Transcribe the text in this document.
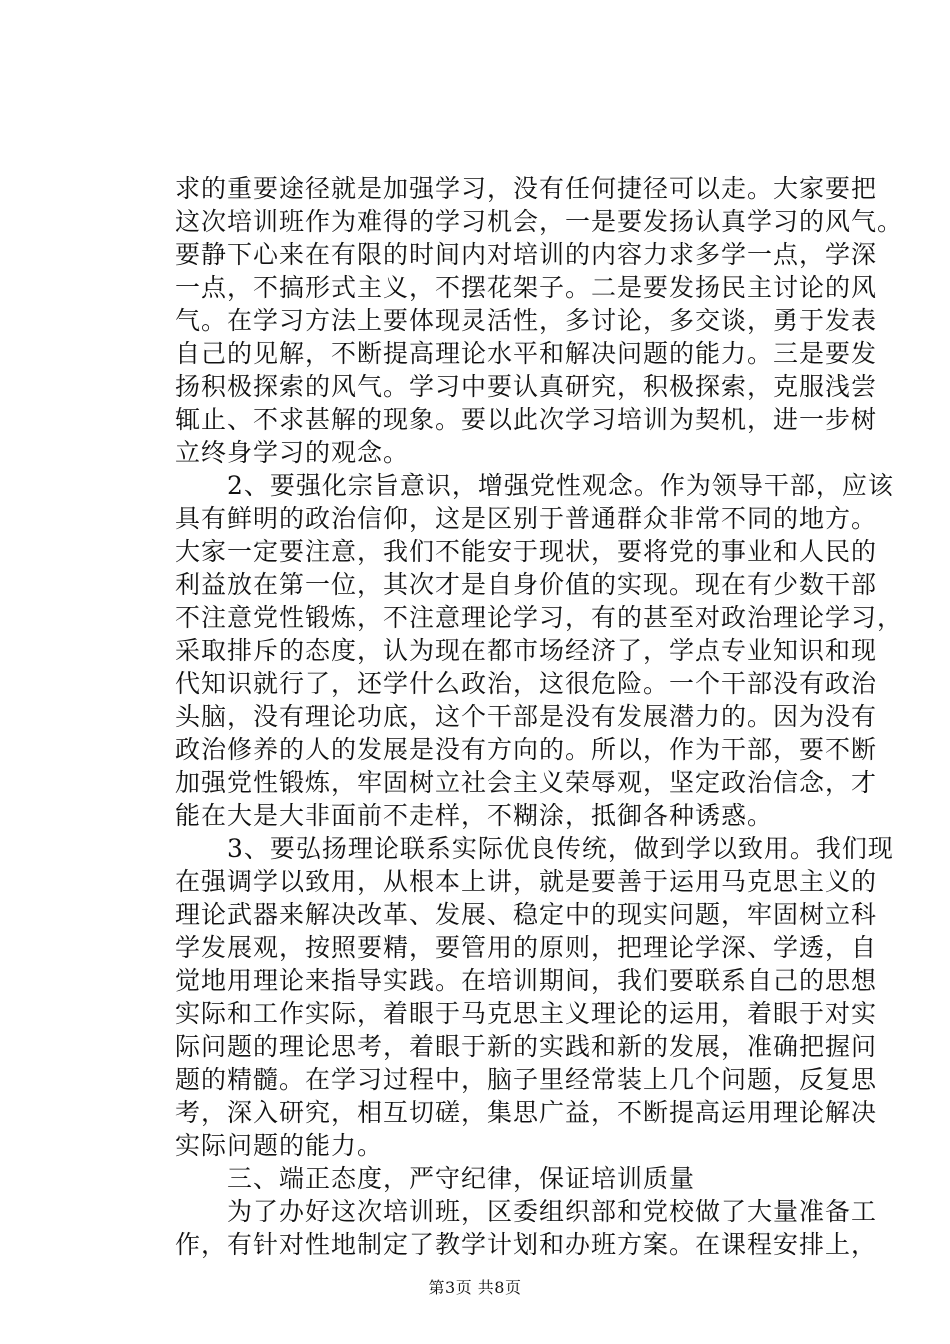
求的重要途径就是加强学习，没有任何捷径可以走。大家要把
这次培训班作为难得的学习机会，一是要发扬认真学习的风气。
要静下心来在有限的时间内对培训的内容力求多学一点，学深
一点，不搞形式主义，不摆花架子。二是要发扬民主讨论的风
气。在学习方法上要体现灵活性，多讨论，多交谈，勇于发表
自己的见解，不断提高理论水平和解决问题的能力。三是要发
扬积极探索的风气。学习中要认真研究，积极探索，克服浅尝
辄止、不求甚解的现象。要以此次学习培训为契机，进一步树
立终身学习的观念。
　　2、要强化宗旨意识，增强党性观念。作为领导干部，应该
具有鲜明的政治信仰，这是区别于普通群众非常不同的地方。
大家一定要注意，我们不能安于现状，要将党的事业和人民的
利益放在第一位，其次才是自身价值的实现。现在有少数干部
不注意党性锻炼，不注意理论学习，有的甚至对政治理论学习，
采取排斥的态度，认为现在都市场经济了，学点专业知识和现
代知识就行了，还学什么政治，这很危险。一个干部没有政治
头脑，没有理论功底，这个干部是没有发展潜力的。因为没有
政治修养的人的发展是没有方向的。所以，作为干部，要不断
加强党性锻炼，牢固树立社会主义荣辱观，坚定政治信念，才
能在大是大非面前不走样，不糊涂，抵御各种诱惑。
　　3、要弘扬理论联系实际优良传统，做到学以致用。我们现
在强调学以致用，从根本上讲，就是要善于运用马克思主义的
理论武器来解决改革、发展、稳定中的现实问题，牢固树立科
学发展观，按照要精，要管用的原则，把理论学深、学透，自
觉地用理论来指导实践。在培训期间，我们要联系自己的思想
实际和工作实际，着眼于马克思主义理论的运用，着眼于对实
际问题的理论思考，着眼于新的实践和新的发展，准确把握问
题的精髓。在学习过程中，脑子里经常装上几个问题，反复思
考，深入研究，相互切磋，集思广益，不断提高运用理论解决
实际问题的能力。
　　三、端正态度，严守纪律，保证培训质量
　　为了办好这次培训班，区委组织部和党校做了大量准备工
作，有针对性地制定了教学计划和办班方案。在课程安排上，
第3页 共8页
